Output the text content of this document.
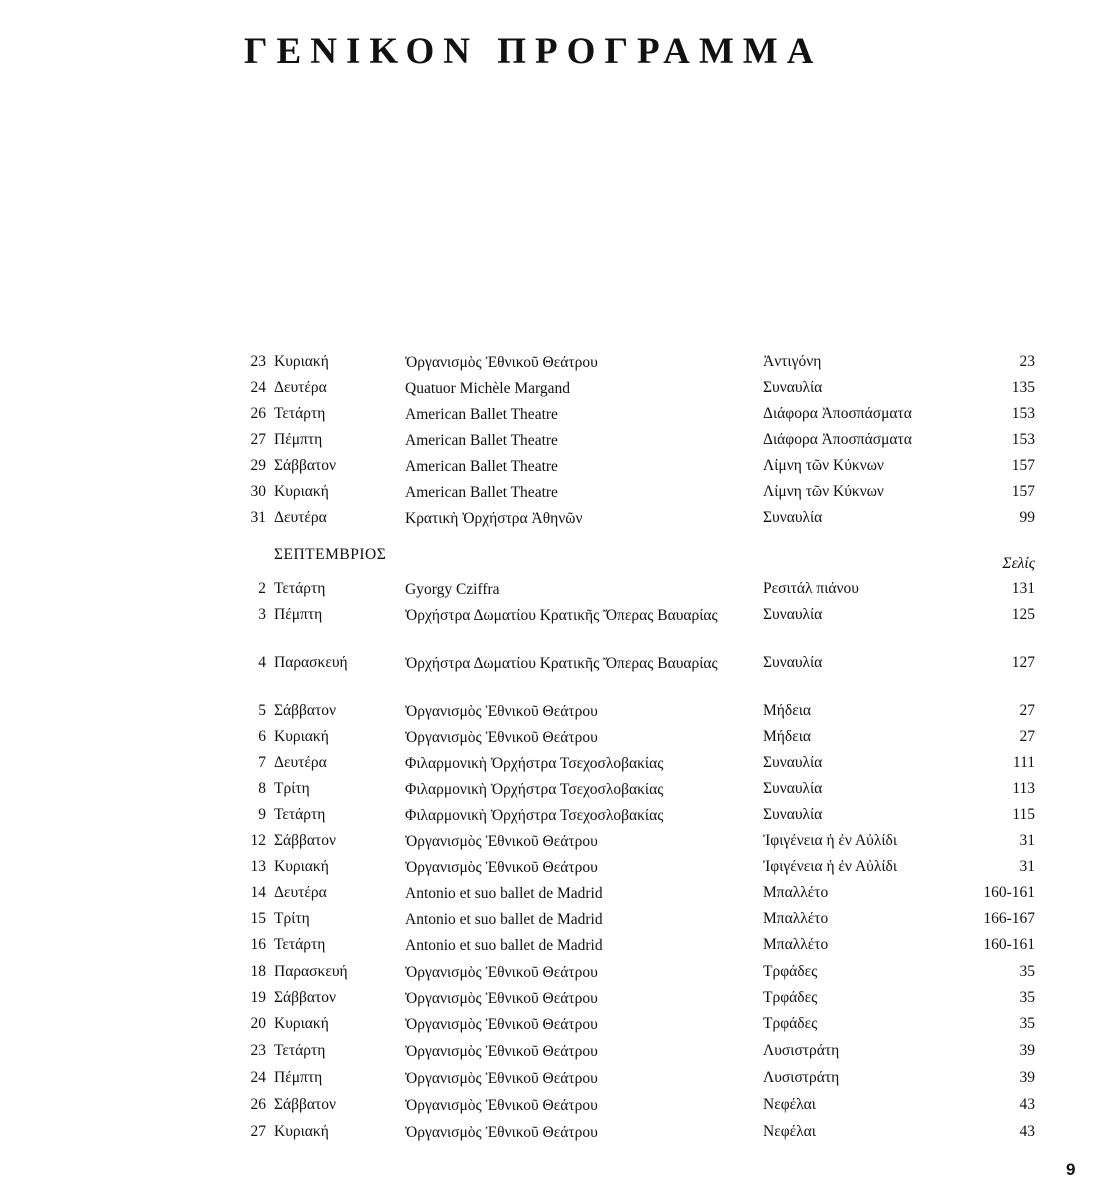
ΓΕΝΙΚΟΝ ΠΡΟΓΡΑΜΜΑ
23 Κυριακή	Ὀργανισμὸς Ἐθνικοῦ Θεάτρου	Ἀντιγόνη	23
24 Δευτέρα	Quatuor Michèle Margand	Συναυλία	135
26 Τετάρτη	American Ballet Theatre	Διάφορα Ἀποσπάσματα	153
27 Πέμπτη	American Ballet Theatre	Διάφορα Ἀποσπάσματα	153
29 Σάββατον	American Ballet Theatre	Λίμνη τῶν Κύκνων	157
30 Κυριακή	American Ballet Theatre	Λίμνη τῶν Κύκνων	157
31 Δευτέρα	Κρατικὴ Ὀρχήστρα Ἀθηνῶν	Συναυλία	99
ΣΕΠΤΕΜΒΡΙΟΣ
Σελίς
2 Τετάρτη	Gyorgy Cziffra	Ρεσιτάλ πιάνου	131
3 Πέμπτη	Ὀρχήστρα Δωματίου Κρατικῆς Ὄπερας Βαυαρίας	Συναυλία	125
4 Παρασκευή	Ὀρχήστρα Δωματίου Κρατικῆς Ὄπερας Βαυαρίας	Συναυλία	127
5 Σάββατον	Ὀργανισμὸς Ἐθνικοῦ Θεάτρου	Μήδεια	27
6 Κυριακή	Ὀργανισμὸς Ἐθνικοῦ Θεάτρου	Μήδεια	27
7 Δευτέρα	Φιλαρμονικὴ Ὀρχήστρα Τσεχοσλοβακίας	Συναυλία	111
8 Τρίτη	Φιλαρμονικὴ Ὀρχήστρα Τσεχοσλοβακίας	Συναυλία	113
9 Τετάρτη	Φιλαρμονικὴ Ὀρχήστρα Τσεχοσλοβακίας	Συναυλία	115
12 Σάββατον	Ὀργανισμὸς Ἐθνικοῦ Θεάτρου	Ἰφιγένεια ἡ ἐν Αὐλίδι	31
13 Κυριακή	Ὀργανισμὸς Ἐθνικοῦ Θεάτρου	Ἰφιγένεια ἡ ἐν Αὐλίδι	31
14 Δευτέρα	Antonio et suo ballet de Madrid	Μπαλλέτο	160-161
15 Τρίτη	Antonio et suo ballet de Madrid	Μπαλλέτο	166-167
16 Τετάρτη	Antonio et suo ballet de Madrid	Μπαλλέτο	160-161
18 Παρασκευή	Ὀργανισμὸς Ἐθνικοῦ Θεάτρου	Τρφάδες	35
19 Σάββατον	Ὀργανισμὸς Ἐθνικοῦ Θεάτρου	Τρφάδες	35
20 Κυριακή	Ὀργανισμὸς Ἐθνικοῦ Θεάτρου	Τρφάδες	35
23 Τετάρτη	Ὀργανισμὸς Ἐθνικοῦ Θεάτρου	Λυσιστράτη	39
24 Πέμπτη	Ὀργανισμὸς Ἐθνικοῦ Θεάτρου	Λυσιστράτη	39
26 Σάββατον	Ὀργανισμὸς Ἐθνικοῦ Θεάτρου	Νεφέλαι	43
27 Κυριακή	Ὀργανισμὸς Ἐθνικοῦ Θεάτρου	Νεφέλαι	43
9
